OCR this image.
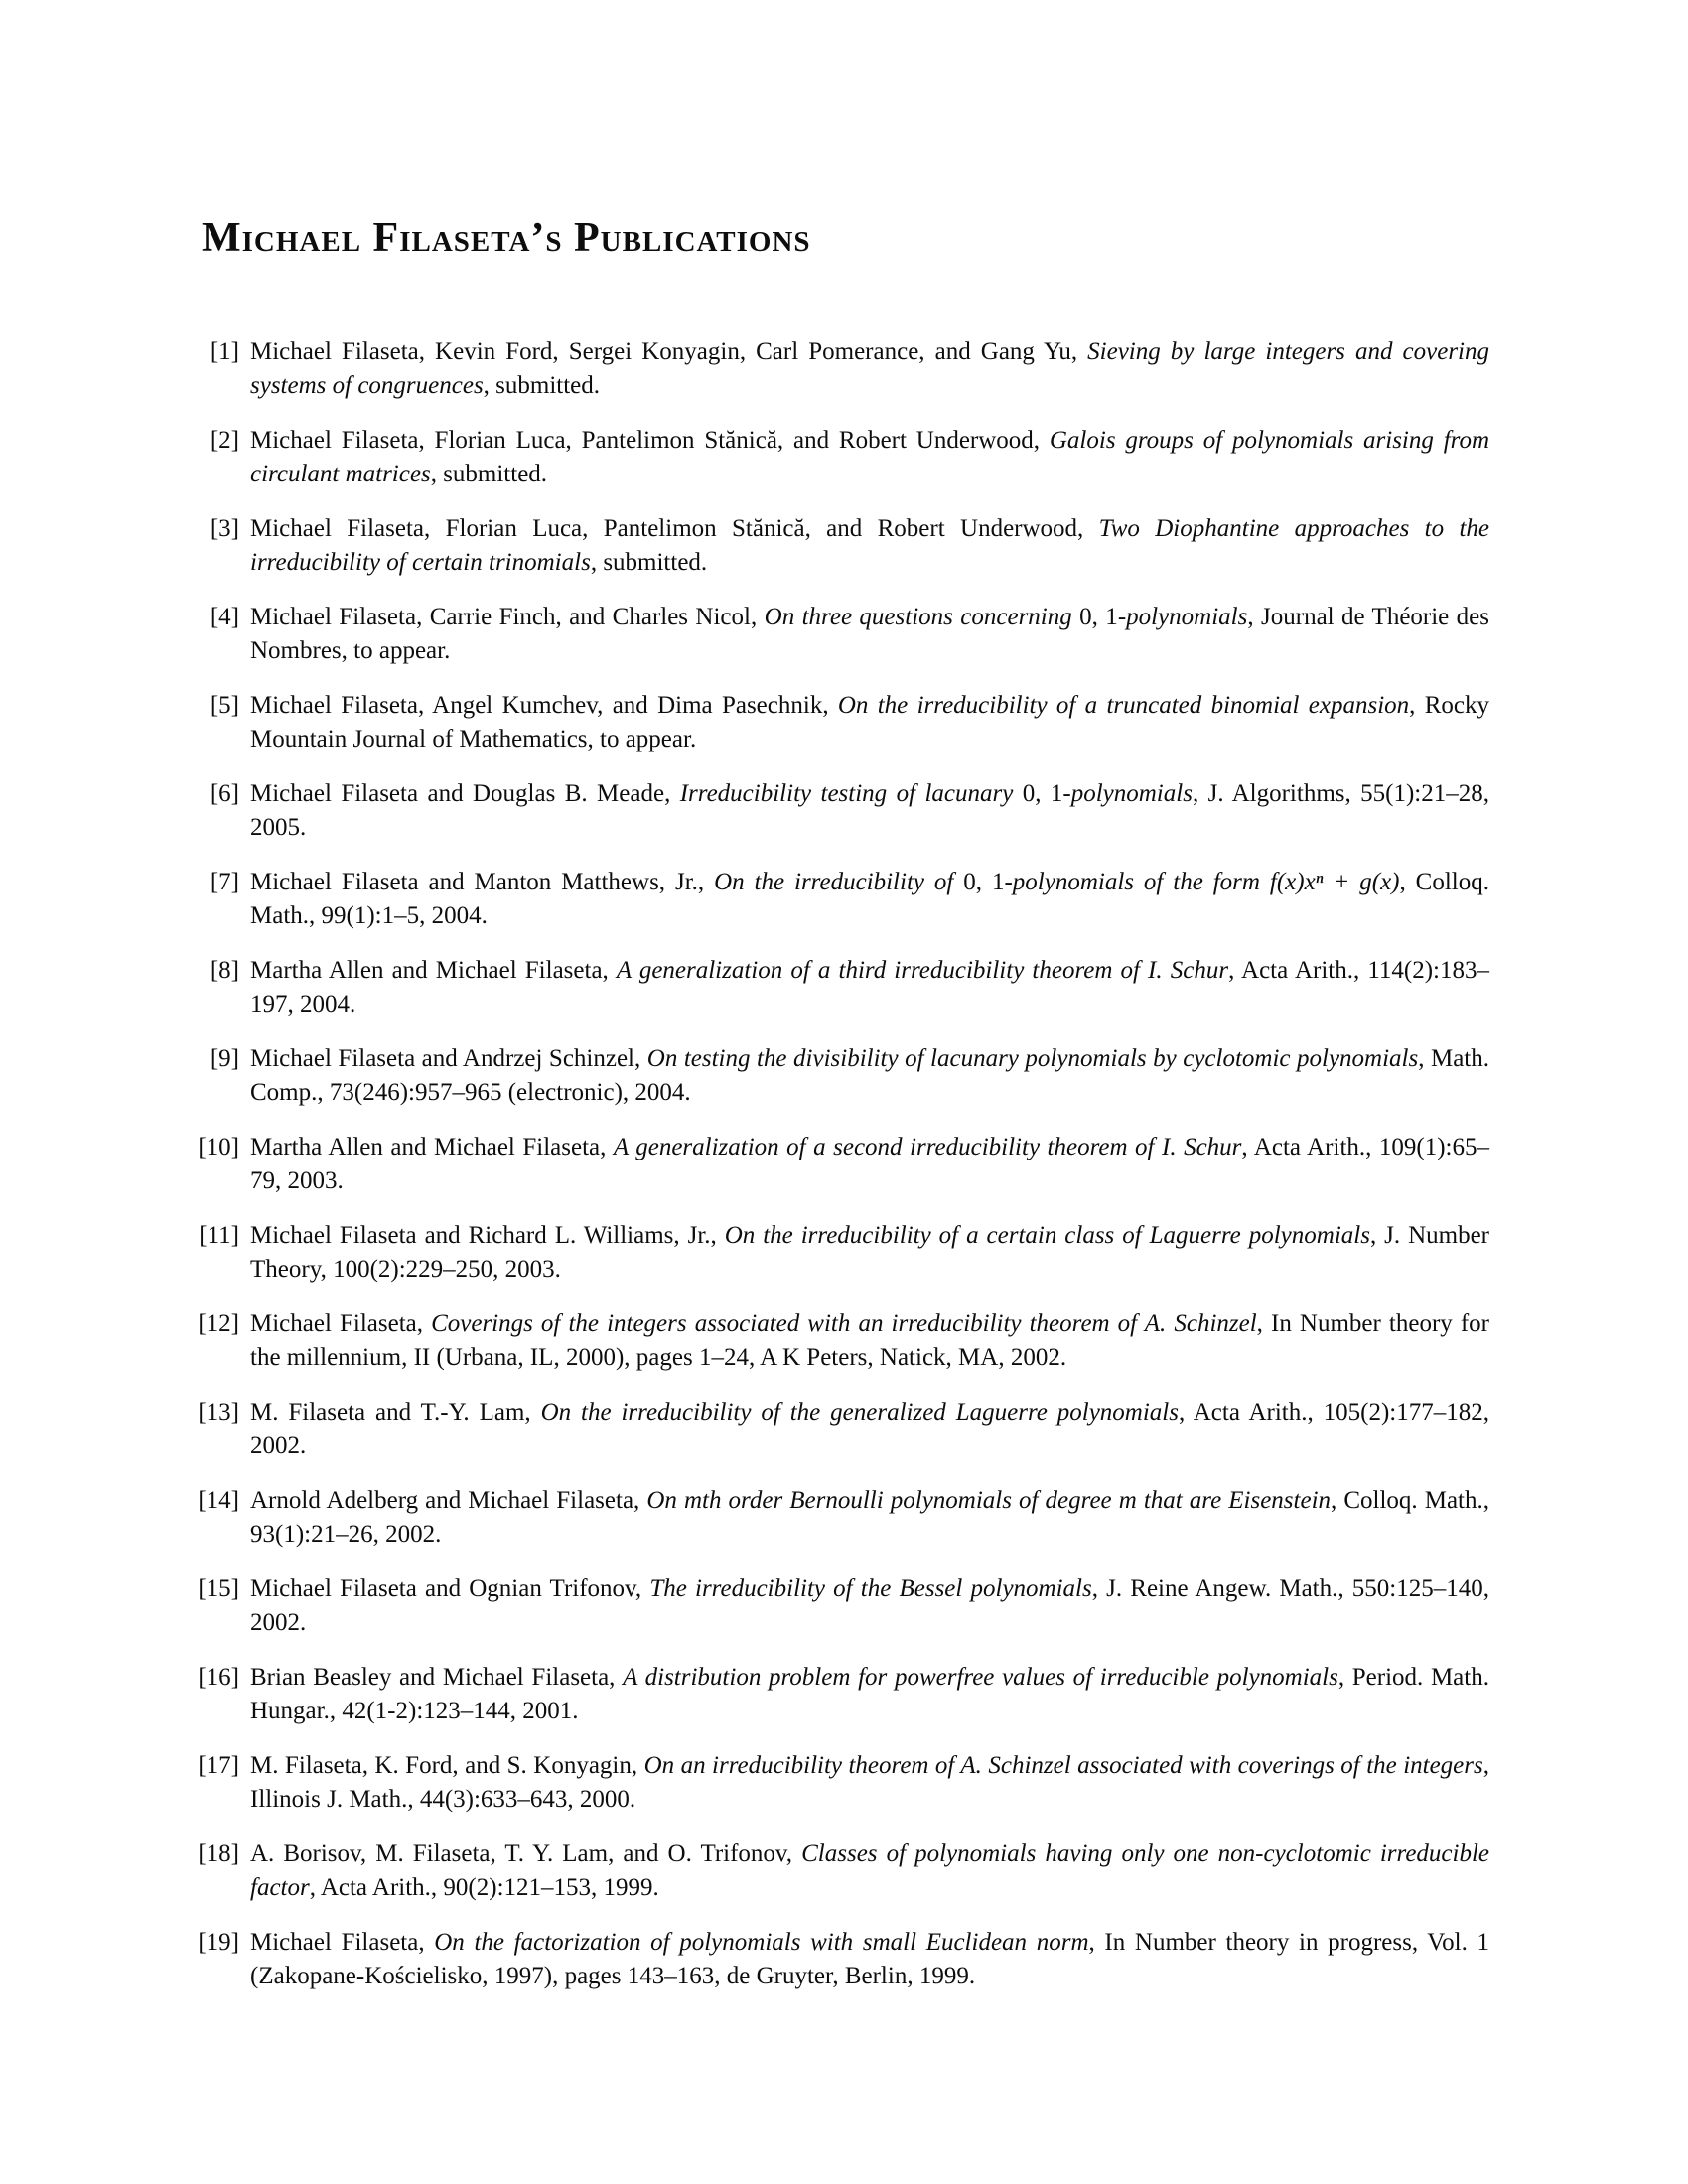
Michael Filaseta’s Publications
[1] Michael Filaseta, Kevin Ford, Sergei Konyagin, Carl Pomerance, and Gang Yu, Sieving by large integers and covering systems of congruences, submitted.
[2] Michael Filaseta, Florian Luca, Pantelimon Stănică, and Robert Underwood, Galois groups of polynomials arising from circulant matrices, submitted.
[3] Michael Filaseta, Florian Luca, Pantelimon Stănică, and Robert Underwood, Two Diophantine approaches to the irreducibility of certain trinomials, submitted.
[4] Michael Filaseta, Carrie Finch, and Charles Nicol, On three questions concerning 0, 1-polynomials, Journal de Théorie des Nombres, to appear.
[5] Michael Filaseta, Angel Kumchev, and Dima Pasechnik, On the irreducibility of a truncated binomial expansion, Rocky Mountain Journal of Mathematics, to appear.
[6] Michael Filaseta and Douglas B. Meade, Irreducibility testing of lacunary 0, 1-polynomials, J. Algorithms, 55(1):21–28, 2005.
[7] Michael Filaseta and Manton Matthews, Jr., On the irreducibility of 0, 1-polynomials of the form f(x)xⁿ + g(x), Colloq. Math., 99(1):1–5, 2004.
[8] Martha Allen and Michael Filaseta, A generalization of a third irreducibility theorem of I. Schur, Acta Arith., 114(2):183–197, 2004.
[9] Michael Filaseta and Andrzej Schinzel, On testing the divisibility of lacunary polynomials by cyclotomic polynomials, Math. Comp., 73(246):957–965 (electronic), 2004.
[10] Martha Allen and Michael Filaseta, A generalization of a second irreducibility theorem of I. Schur, Acta Arith., 109(1):65–79, 2003.
[11] Michael Filaseta and Richard L. Williams, Jr., On the irreducibility of a certain class of Laguerre polynomials, J. Number Theory, 100(2):229–250, 2003.
[12] Michael Filaseta, Coverings of the integers associated with an irreducibility theorem of A. Schinzel, In Number theory for the millennium, II (Urbana, IL, 2000), pages 1–24, A K Peters, Natick, MA, 2002.
[13] M. Filaseta and T.-Y. Lam, On the irreducibility of the generalized Laguerre polynomials, Acta Arith., 105(2):177–182, 2002.
[14] Arnold Adelberg and Michael Filaseta, On mth order Bernoulli polynomials of degree m that are Eisenstein, Colloq. Math., 93(1):21–26, 2002.
[15] Michael Filaseta and Ognian Trifonov, The irreducibility of the Bessel polynomials, J. Reine Angew. Math., 550:125–140, 2002.
[16] Brian Beasley and Michael Filaseta, A distribution problem for powerfree values of irreducible polynomials, Period. Math. Hungar., 42(1-2):123–144, 2001.
[17] M. Filaseta, K. Ford, and S. Konyagin, On an irreducibility theorem of A. Schinzel associated with coverings of the integers, Illinois J. Math., 44(3):633–643, 2000.
[18] A. Borisov, M. Filaseta, T. Y. Lam, and O. Trifonov, Classes of polynomials having only one non-cyclotomic irreducible factor, Acta Arith., 90(2):121–153, 1999.
[19] Michael Filaseta, On the factorization of polynomials with small Euclidean norm, In Number theory in progress, Vol. 1 (Zakopane-Kościelisko, 1997), pages 143–163, de Gruyter, Berlin, 1999.
